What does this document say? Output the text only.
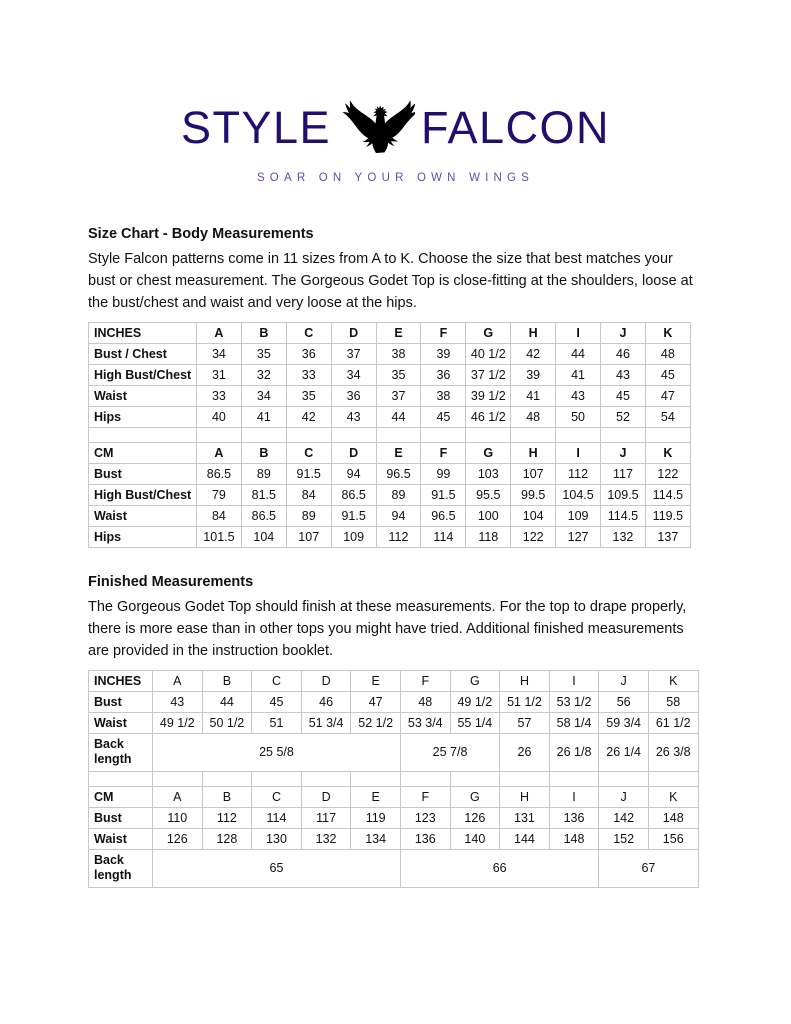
STYLE FALCON
SOAR ON YOUR OWN WINGS
Size Chart - Body Measurements

Style Falcon patterns come in 11 sizes from A to K. Choose the size that best matches your bust or chest measurement. The Gorgeous Godet Top is close-fitting at the shoulders, loose at the bust/chest and waist and very loose at the hips.

INCHES	A	B	C	D	E	F	G	H	I	J	K
Bust / Chest	34	35	36	37	38	39	40 1/2	42	44	46	48
High Bust/Chest	31	32	33	34	35	36	37 1/2	39	41	43	45
Waist	33	34	35	36	37	38	39 1/2	41	43	45	47
Hips	40	41	42	43	44	45	46 1/2	48	50	52	54

CM	A	B	C	D	E	F	G	H	I	J	K
Bust	86.5	89	91.5	94	96.5	99	103	107	112	117	122
High Bust/Chest	79	81.5	84	86.5	89	91.5	95.5	99.5	104.5	109.5	114.5
Waist	84	86.5	89	91.5	94	96.5	100	104	109	114.5	119.5
Hips	101.5	104	107	109	112	114	118	122	127	132	137
Finished Measurements

The Gorgeous Godet Top should finish at these measurements. For the top to drape properly, there is more ease than in other tops you might have tried. Additional finished measurements are provided in the instruction booklet.

INCHES	A	B	C	D	E	F	G	H	I	J	K
Bust	43	44	45	46	47	48	49 1/2	51 1/2	53 1/2	56	58
Waist	49 1/2	50 1/2	51	51 3/4	52 1/2	53 3/4	55 1/4	57	58 1/4	59 3/4	61 1/2
Back length	25 5/8					25 7/8		26	26 1/8	26 1/4	26 3/8

CM	A	B	C	D	E	F	G	H	I	J	K
Bust	110	112	114	117	119	123	126	131	136	142	148
Waist	126	128	130	132	134	136	140	144	148	152	156
Back length	65					66				67	
